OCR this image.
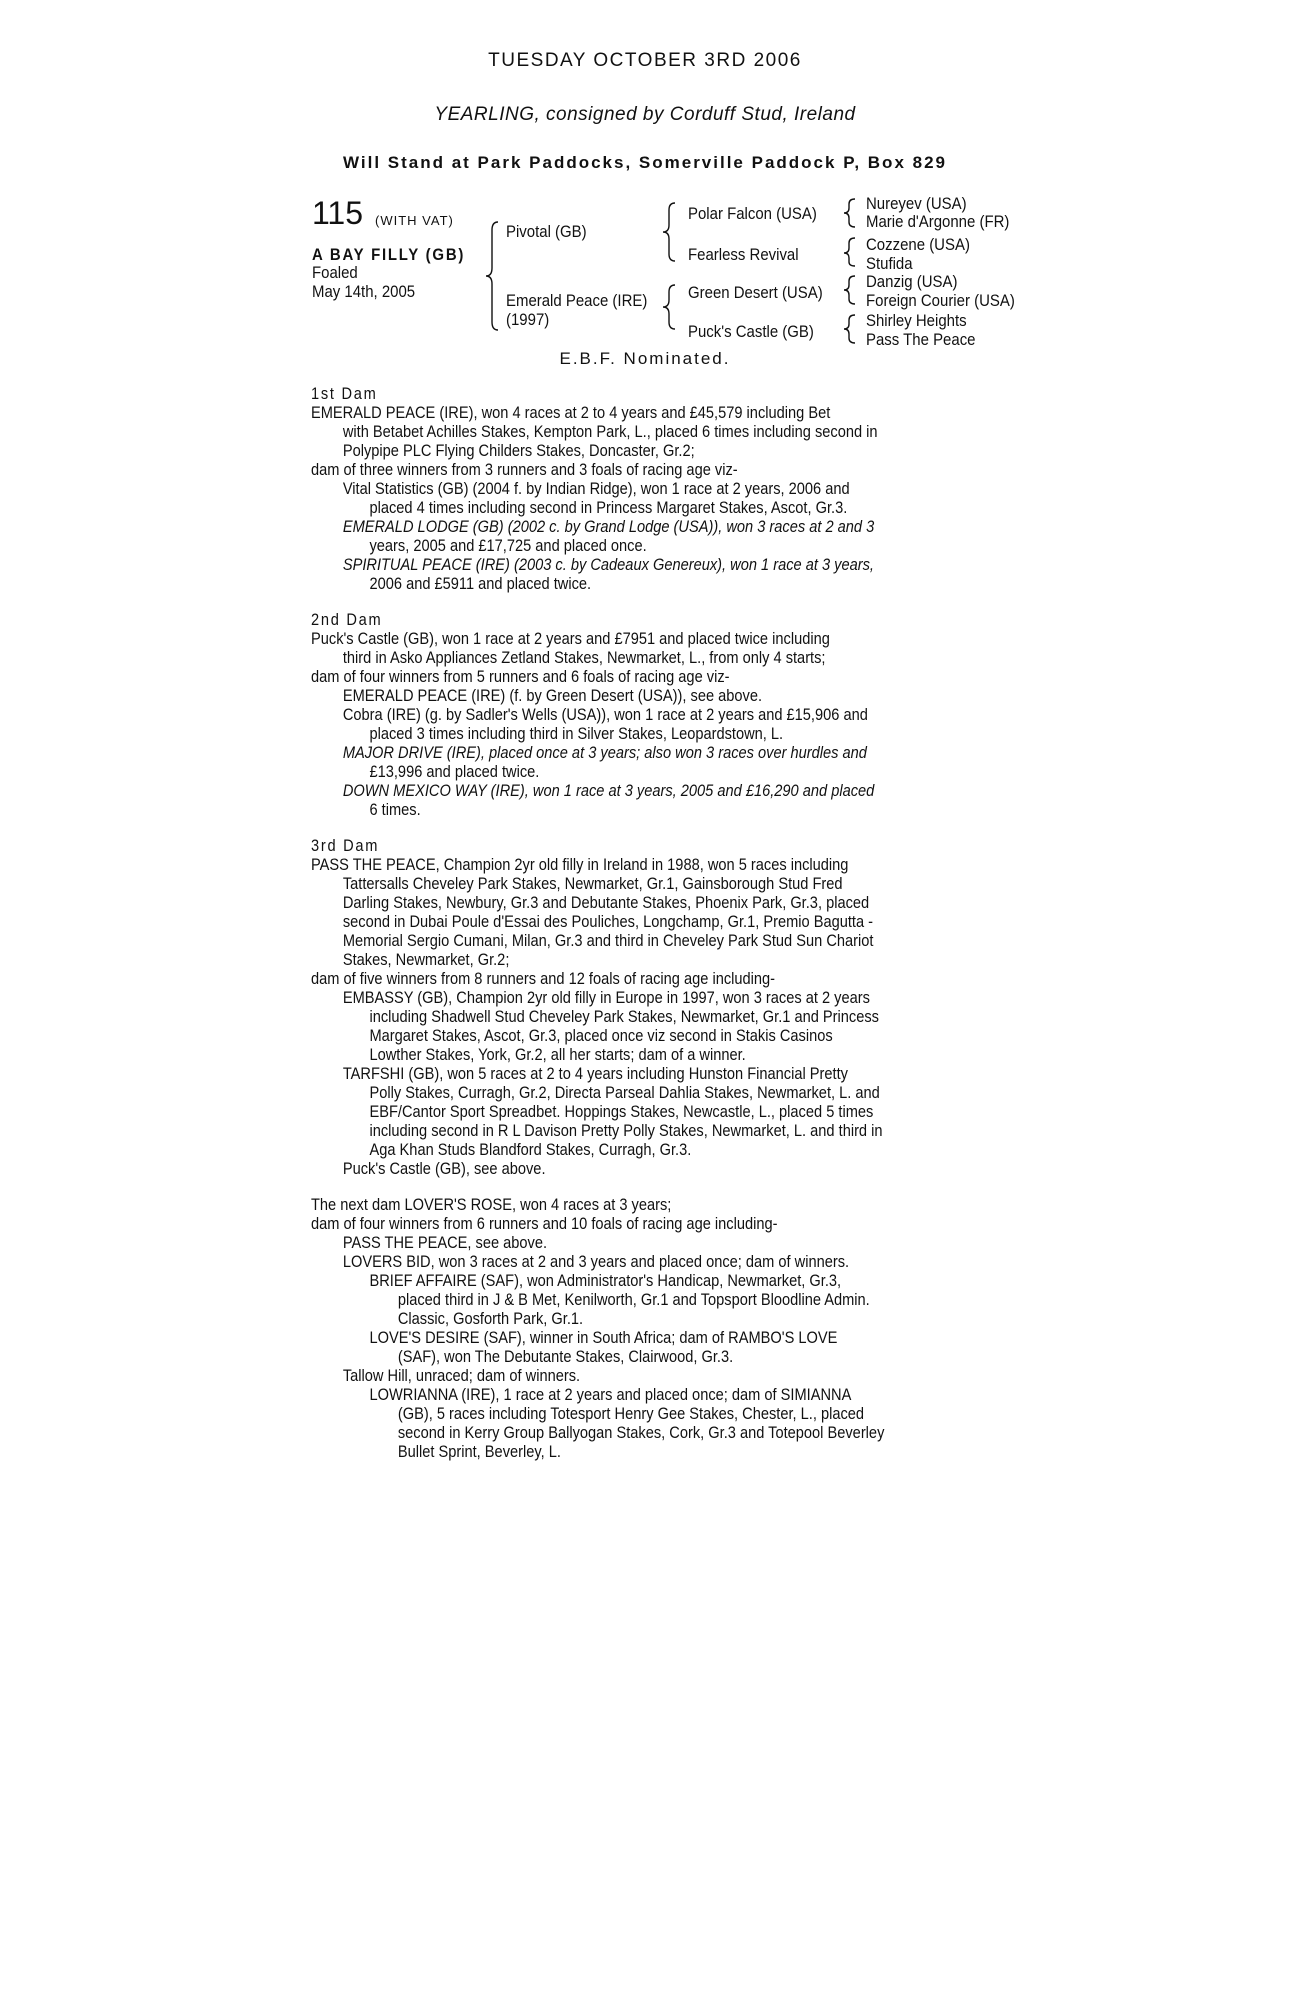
TUESDAY OCTOBER 3RD 2006
YEARLING, consigned by Corduff Stud, Ireland
Will Stand at Park Paddocks, Somerville Paddock P, Box 829
115 (WITH VAT)
A BAY FILLY (GB)
Foaled
May 14th, 2005
Pivotal (GB)
Emerald Peace (IRE)
(1997)
Polar Falcon (USA)
Fearless Revival
Green Desert (USA)
Puck's Castle (GB)
Nureyev (USA)
Marie d'Argonne (FR)
Cozzene (USA)
Stufida
Danzig (USA)
Foreign Courier (USA)
Shirley Heights
Pass The Peace
E.B.F. Nominated.
1st Dam
EMERALD PEACE (IRE), won 4 races at 2 to 4 years and £45,579 including Bet
with Betabet Achilles Stakes, Kempton Park, L., placed 6 times including second in
Polypipe PLC Flying Childers Stakes, Doncaster, Gr.2;
dam of three winners from 3 runners and 3 foals of racing age viz-
Vital Statistics (GB) (2004 f. by Indian Ridge), won 1 race at 2 years, 2006 and
placed 4 times including second in Princess Margaret Stakes, Ascot, Gr.3.
EMERALD LODGE (GB) (2002 c. by Grand Lodge (USA)), won 3 races at 2 and 3
years, 2005 and £17,725 and placed once.
SPIRITUAL PEACE (IRE) (2003 c. by Cadeaux Genereux), won 1 race at 3 years,
2006 and £5911 and placed twice.
2nd Dam
Puck's Castle (GB), won 1 race at 2 years and £7951 and placed twice including
third in Asko Appliances Zetland Stakes, Newmarket, L., from only 4 starts;
dam of four winners from 5 runners and 6 foals of racing age viz-
EMERALD PEACE (IRE) (f. by Green Desert (USA)), see above.
Cobra (IRE) (g. by Sadler's Wells (USA)), won 1 race at 2 years and £15,906 and
placed 3 times including third in Silver Stakes, Leopardstown, L.
MAJOR DRIVE (IRE), placed once at 3 years; also won 3 races over hurdles and
£13,996 and placed twice.
DOWN MEXICO WAY (IRE), won 1 race at 3 years, 2005 and £16,290 and placed
6 times.
3rd Dam
PASS THE PEACE, Champion 2yr old filly in Ireland in 1988, won 5 races including
Tattersalls Cheveley Park Stakes, Newmarket, Gr.1, Gainsborough Stud Fred
Darling Stakes, Newbury, Gr.3 and Debutante Stakes, Phoenix Park, Gr.3, placed
second in Dubai Poule d'Essai des Pouliches, Longchamp, Gr.1, Premio Bagutta -
Memorial Sergio Cumani, Milan, Gr.3 and third in Cheveley Park Stud Sun Chariot
Stakes, Newmarket, Gr.2;
dam of five winners from 8 runners and 12 foals of racing age including-
EMBASSY (GB), Champion 2yr old filly in Europe in 1997, won 3 races at 2 years
including Shadwell Stud Cheveley Park Stakes, Newmarket, Gr.1 and Princess
Margaret Stakes, Ascot, Gr.3, placed once viz second in Stakis Casinos
Lowther Stakes, York, Gr.2, all her starts; dam of a winner.
TARFSHI (GB), won 5 races at 2 to 4 years including Hunston Financial Pretty
Polly Stakes, Curragh, Gr.2, Directa Parseal Dahlia Stakes, Newmarket, L. and
EBF/Cantor Sport Spreadbet. Hoppings Stakes, Newcastle, L., placed 5 times
including second in R L Davison Pretty Polly Stakes, Newmarket, L. and third in
Aga Khan Studs Blandford Stakes, Curragh, Gr.3.
Puck's Castle (GB), see above.
The next dam LOVER'S ROSE, won 4 races at 3 years;
dam of four winners from 6 runners and 10 foals of racing age including-
PASS THE PEACE, see above.
LOVERS BID, won 3 races at 2 and 3 years and placed once; dam of winners.
BRIEF AFFAIRE (SAF), won Administrator's Handicap, Newmarket, Gr.3,
placed third in J & B Met, Kenilworth, Gr.1 and Topsport Bloodline Admin.
Classic, Gosforth Park, Gr.1.
LOVE'S DESIRE (SAF), winner in South Africa; dam of RAMBO'S LOVE
(SAF), won The Debutante Stakes, Clairwood, Gr.3.
Tallow Hill, unraced; dam of winners.
LOWRIANNA (IRE), 1 race at 2 years and placed once; dam of SIMIANNA
(GB), 5 races including Totesport Henry Gee Stakes, Chester, L., placed
second in Kerry Group Ballyogan Stakes, Cork, Gr.3 and Totepool Beverley
Bullet Sprint, Beverley, L.
